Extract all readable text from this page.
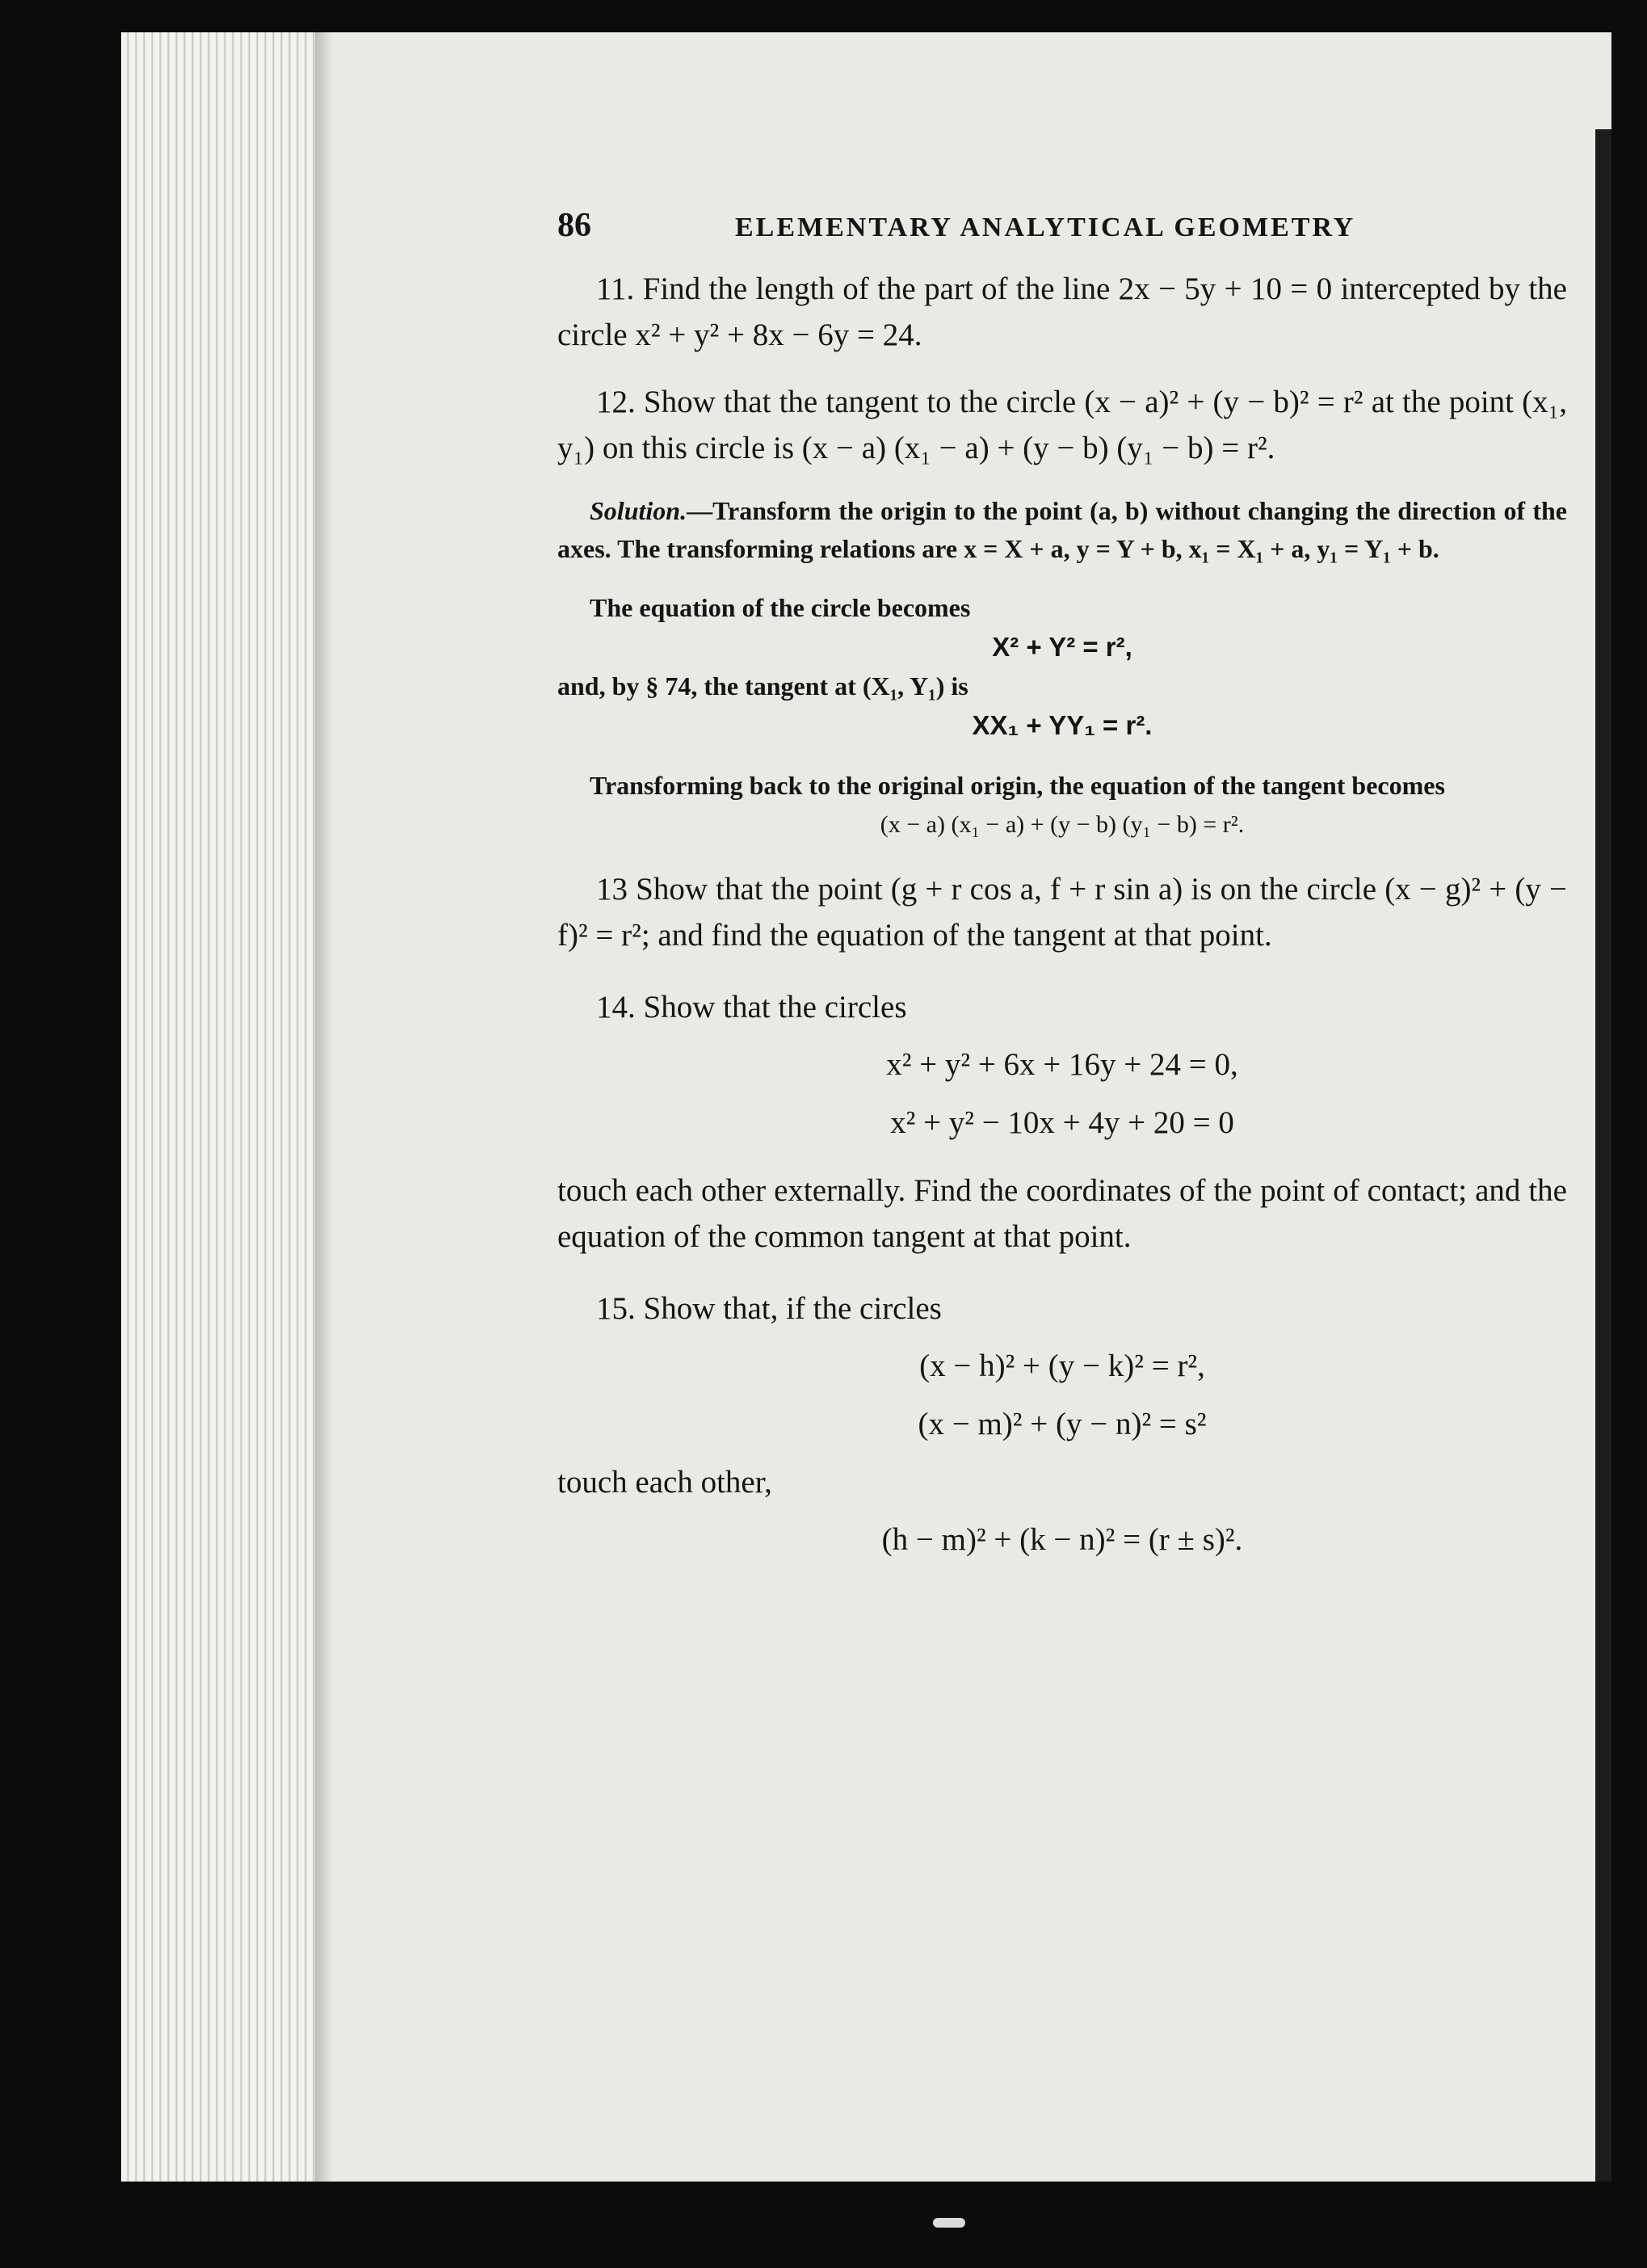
86	ELEMENTARY ANALYTICAL GEOMETRY

11. Find the length of the part of the line 2x − 5y + 10 = 0 intercepted by the circle x² + y² + 8x − 6y = 24.

12. Show that the tangent to the circle (x − a)² + (y − b)² = r² at the point (x₁, y₁) on this circle is (x − a) (x₁ − a) + (y − b) (y₁ − b) = r².

Solution.—Transform the origin to the point (a, b) without changing the direction of the axes. The transforming relations are x = X + a, y = Y + b, x₁ = X₁ + a, y₁ = Y₁ + b.

The equation of the circle becomes

X² + Y² = r²,

and, by § 74, the tangent at (X₁, Y₁) is

XX₁ + YY₁ = r².

Transforming back to the original origin, the equation of the tangent becomes

(x − a) (x₁ − a) + (y − b) (y₁ − b) = r².

13 Show that the point (g + r cos a, f + r sin a) is on the circle (x − g)² + (y − f)² = r²; and find the equation of the tangent at that point.

14. Show that the circles

x² + y² + 6x + 16y + 24 = 0,

x² + y² − 10x + 4y + 20 = 0

touch each other externally. Find the coordinates of the point of contact; and the equation of the common tangent at that point.

15. Show that, if the circles

(x − h)² + (y − k)² = r²,

(x − m)² + (y − n)² = s²

touch each other,

(h − m)² + (k − n)² = (r ± s)².
